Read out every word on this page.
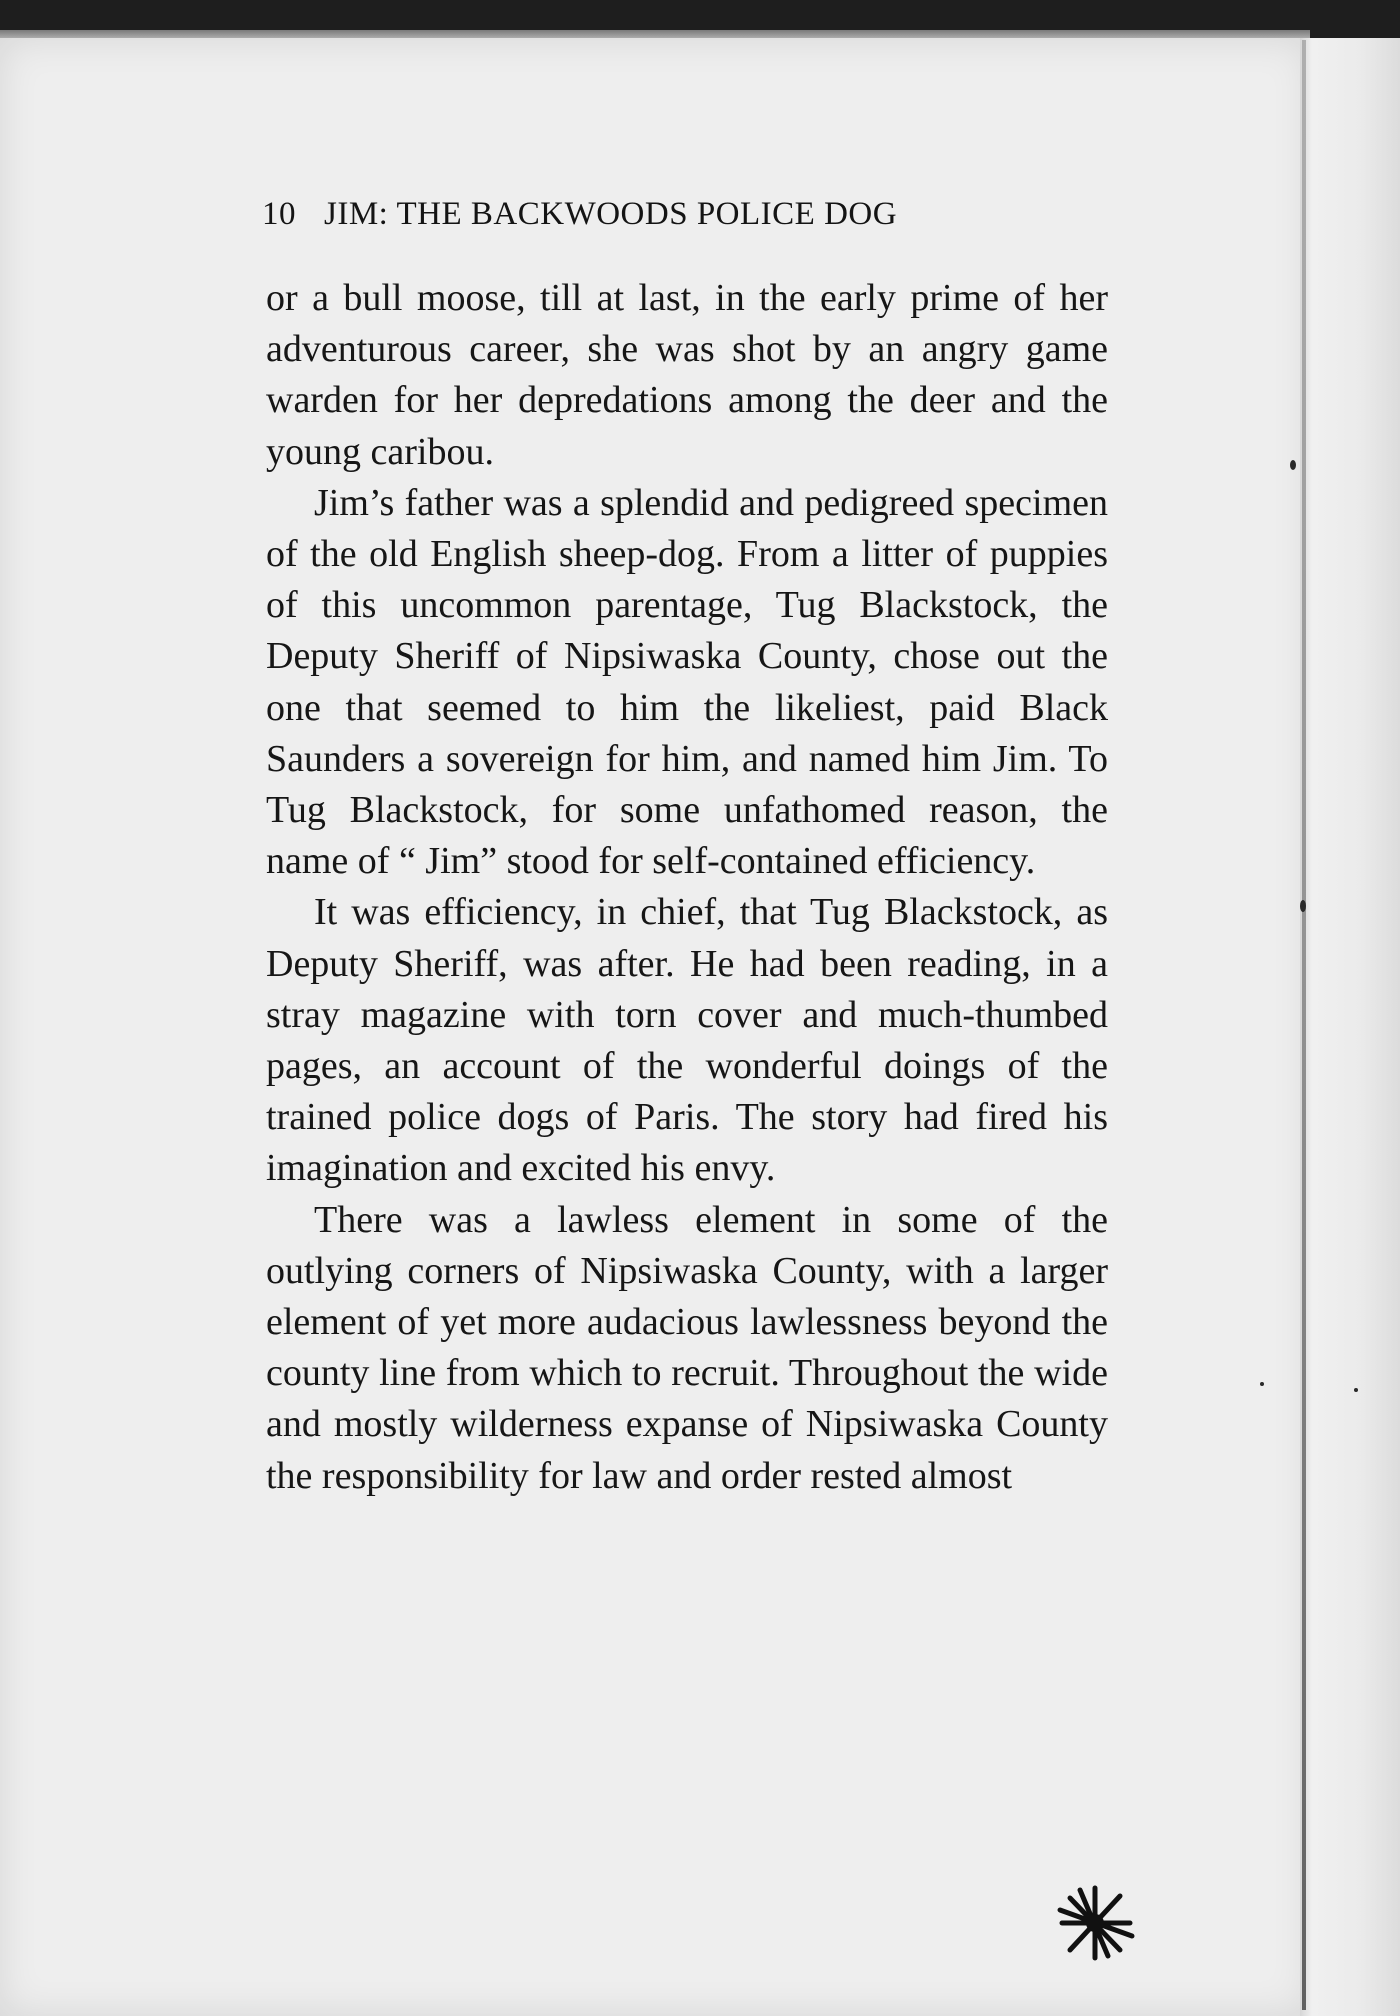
10 JIM: THE BACKWOODS POLICE DOG

or a bull moose, till at last, in the early prime of her adventurous career, she was shot by an angry game warden for her depredations among the deer and the young caribou.

Jim’s father was a splendid and pedigreed specimen of the old English sheep-dog. From a litter of puppies of this uncommon parentage, Tug Blackstock, the Deputy Sheriff of Nipsiwaska County, chose out the one that seemed to him the likeliest, paid Black Saunders a sovereign for him, and named him Jim. To Tug Blackstock, for some unfathomed reason, the name of “ Jim” stood for self-contained efficiency.

It was efficiency, in chief, that Tug Blackstock, as Deputy Sheriff, was after. He had been reading, in a stray magazine with torn cover and much-thumbed pages, an account of the wonderful doings of the trained police dogs of Paris. The story had fired his imagination and excited his envy.

There was a lawless element in some of the outlying corners of Nipsiwaska County, with a larger element of yet more audacious lawlessness beyond the county line from which to recruit. Throughout the wide and mostly wilderness expanse of Nipsiwaska County the responsibility for law and order rested almost
